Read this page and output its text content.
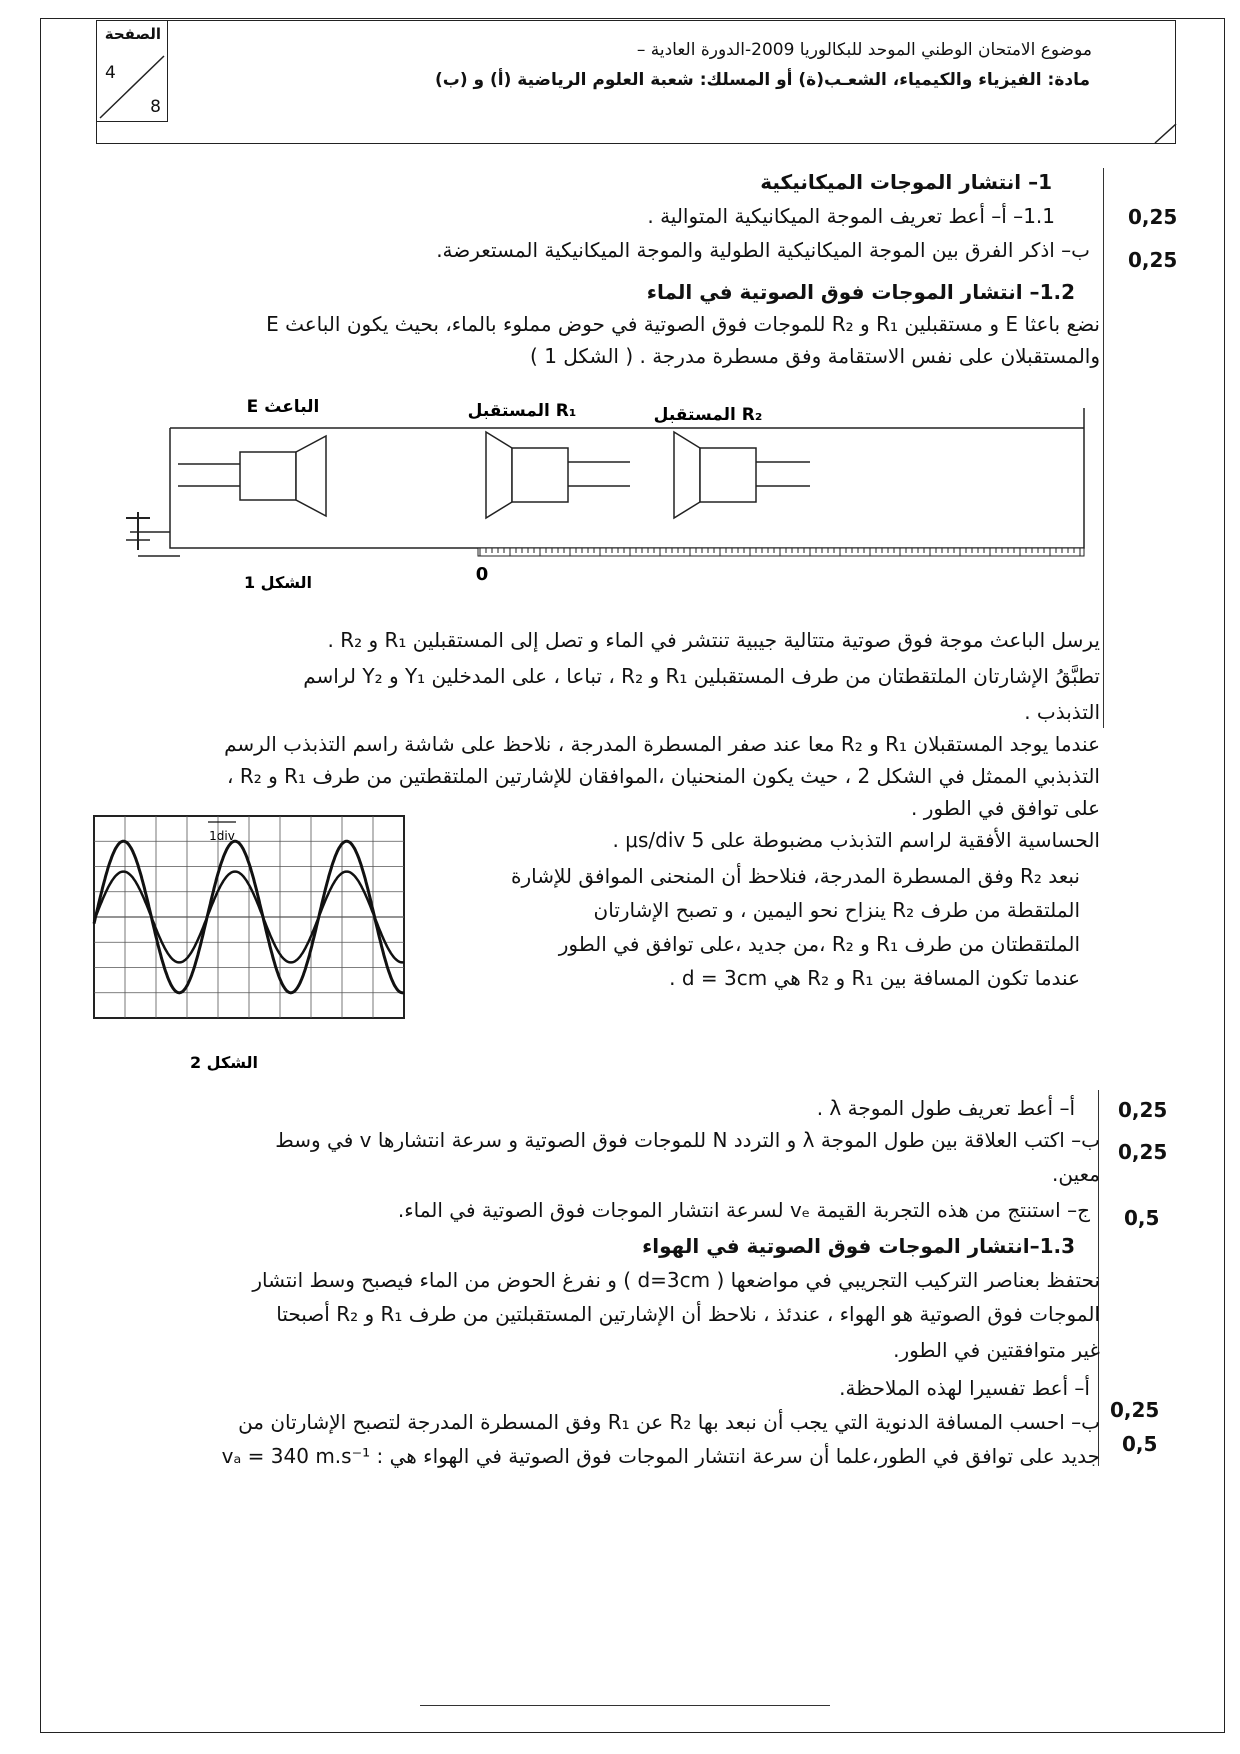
الصفحة
4
8
موضوع الامتحان الوطني الموحد للبكالوريا 2009-الدورة العادية –
مادة: الفيزياء والكيمياء، الشعـب(ة) أو المسلك: شعبة العلوم الرياضية (أ) و (ب)
0,25
0,25
0,25
0,25
0,5
0,25
0,5
1– انتشار الموجات الميكانيكية
1.1– أ– أعط تعريف الموجة الميكانيكية المتوالية .
ب– اذكر الفرق بين الموجة الميكانيكية الطولية والموجة الميكانيكية المستعرضة.
1.2– انتشار الموجات فوق الصوتية في الماء
نضع باعثا E و مستقبلين R₁ و R₂ للموجات فوق الصوتية في حوض مملوء بالماء، بحيث يكون الباعث E
والمستقبلان على نفس الاستقامة وفق مسطرة مدرجة . ( الشكل 1 )
الباعث E	R₁ المستقبل	R₂ المستقبل
0
الشكل 1
يرسل الباعث موجة فوق صوتية متتالية جيبية تنتشر في الماء و تصل إلى المستقبلين R₁ و R₂ .
تطبَّقُ الإشارتان الملتقطتان من طرف المستقبلين R₁ و R₂ ، تباعا ، على المدخلين Y₁ و Y₂ لراسم
التذبذب .
عندما يوجد المستقبلان R₁ و R₂ معا عند صفر المسطرة المدرجة ، نلاحظ على شاشة راسم التذبذب الرسم
التذبذبي الممثل في الشكل 2 ، حيث يكون المنحنيان ،الموافقان للإشارتين الملتقطتين من طرف R₁ و R₂ ،
على توافق في الطور .
الحساسية الأفقية لراسم التذبذب مضبوطة على 5 μs/div .
نبعد R₂ وفق المسطرة المدرجة، فنلاحظ أن المنحنى الموافق للإشارة
الملتقطة من طرف R₂ ينزاح نحو اليمين ، و تصبح الإشارتان
الملتقطتان من طرف R₁ و R₂ ،من جديد ،على توافق في الطور
عندما تكون المسافة بين R₁ و R₂ هي d = 3cm .
1div
الشكل 2
أ– أعط تعريف طول الموجة λ .
ب– اكتب العلاقة بين طول الموجة λ و التردد N للموجات فوق الصوتية و سرعة انتشارها v في وسط
معين.
ج– استنتج من هذه التجربة القيمة vₑ لسرعة انتشار الموجات فوق الصوتية في الماء.
1.3–انتشار الموجات فوق الصوتية في الهواء
نحتفظ بعناصر التركيب التجريبي في مواضعها ( d=3cm ) و نفرغ الحوض من الماء فيصبح وسط انتشار
الموجات فوق الصوتية هو الهواء ، عندئذ ، نلاحظ أن الإشارتين المستقبلتين من طرف R₁ و R₂ أصبحتا
غير متوافقتين في الطور.
أ– أعط تفسيرا لهذه الملاحظة.
ب– احسب المسافة الدنوية التي يجب أن نبعد بها R₂ عن R₁ وفق المسطرة المدرجة لتصبح الإشارتان من
جديد على توافق في الطور،علما أن سرعة انتشار الموجات فوق الصوتية في الهواء هي : vₐ = 340 m.s⁻¹
